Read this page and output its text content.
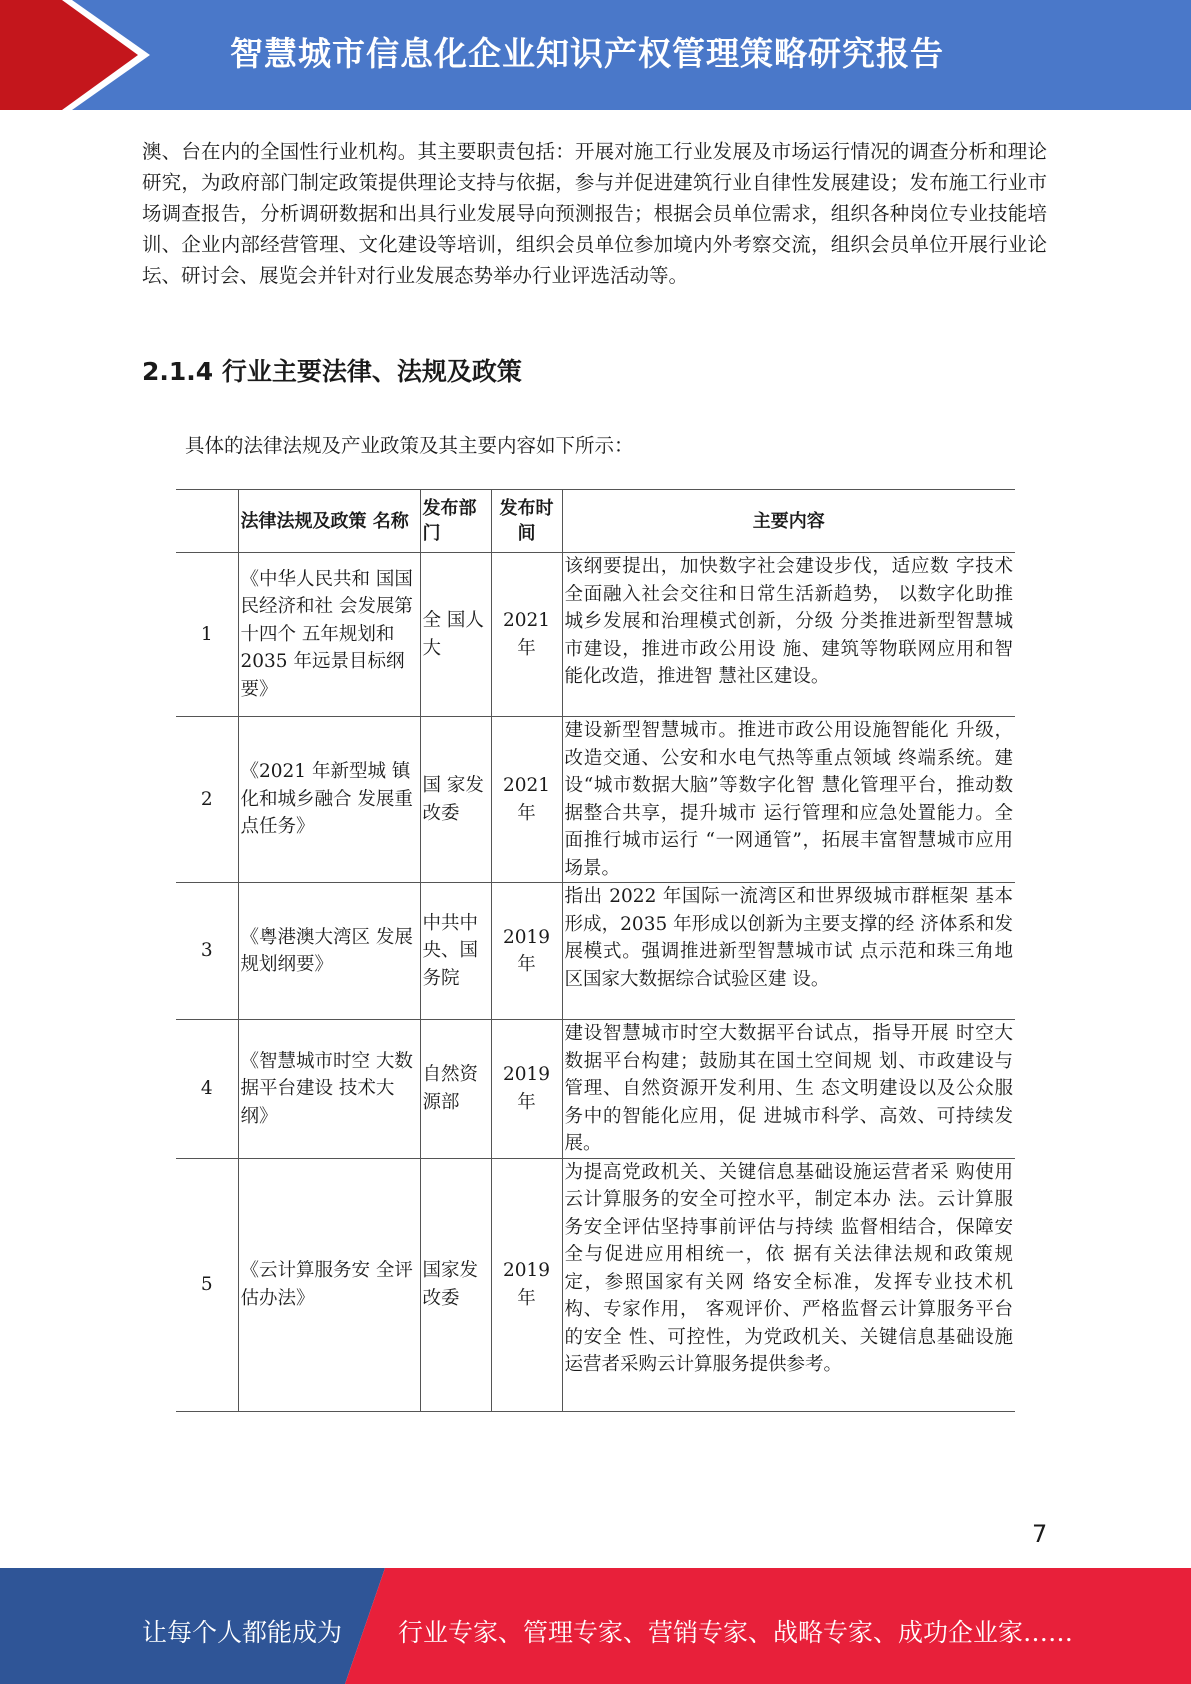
智慧城市信息化企业知识产权管理策略研究报告

澳、台在内的全国性行业机构。其主要职责包括：开展对施工行业发展及市场运行情况的调查分析和理论研究，为政府部门制定政策提供理论支持与依据，参与并促进建筑行业自律性发展建设；发布施工行业市场调查报告，分析调研数据和出具行业发展导向预测报告；根据会员单位需求，组织各种岗位专业技能培训、企业内部经营管理、文化建设等培训，组织会员单位参加境内外考察交流，组织会员单位开展行业论坛、研讨会、展览会并针对行业发展态势举办行业评选活动等。

2.1.4 行业主要法律、法规及政策
具体的法律法规及产业政策及其主要内容如下所示：
	法律法规及政策 名称	发布部门	发布时间	主要内容
1	《中华人民共和 国国民经济和社 会发展第十四个 五年规划和 2035 年远景目标纲 要》	全 国人大	2021 年	该纲要提出，加快数字社会建设步伐，适应数 字技术全面融入社会交往和日常生活新趋势， 以数字化助推城乡发展和治理模式创新，分级 分类推进新型智慧城市建设，推进市政公用设 施、建筑等物联网应用和智能化改造，推进智 慧社区建设。
2	《2021 年新型城 镇化和城乡融合 发展重点任务》	国 家发 改委	2021 年	建设新型智慧城市。推进市政公用设施智能化 升级，改造交通、公安和水电气热等重点领域 终端系统。建设“城市数据大脑”等数字化智 慧化管理平台，推动数据整合共享，提升城市 运行管理和应急处置能力。全面推行城市运行 “一网通管”，拓展丰富智慧城市应用场景。
3	《粤港澳大湾区 发展规划纲要》	中共中 央、国务院	2019 年	指出 2022 年国际一流湾区和世界级城市群框架 基本形成，2035 年形成以创新为主要支撑的经 济体系和发展模式。强调推进新型智慧城市试 点示范和珠三角地区国家大数据综合试验区建 设。
4	《智慧城市时空 大数据平台建设 技术大纲》	自然资源部	2019 年	建设智慧城市时空大数据平台试点，指导开展 时空大数据平台构建；鼓励其在国土空间规 划、市政建设与管理、自然资源开发利用、生 态文明建设以及公众服务中的智能化应用，促 进城市科学、高效、可持续发展。
5	《云计算服务安 全评估办法》	国家发改委	2019 年	为提高党政机关、关键信息基础设施运营者采 购使用云计算服务的安全可控水平，制定本办 法。云计算服务安全评估坚持事前评估与持续 监督相结合，保障安全与促进应用相统一，依 据有关法律法规和政策规定，参照国家有关网 络安全标准，发挥专业技术机构、专家作用， 客观评价、严格监督云计算服务平台的安全 性、可控性，为党政机关、关键信息基础设施 运营者采购云计算服务提供参考。
7
让每个人都能成为 行业专家、管理专家、营销专家、战略专家、成功企业家……
